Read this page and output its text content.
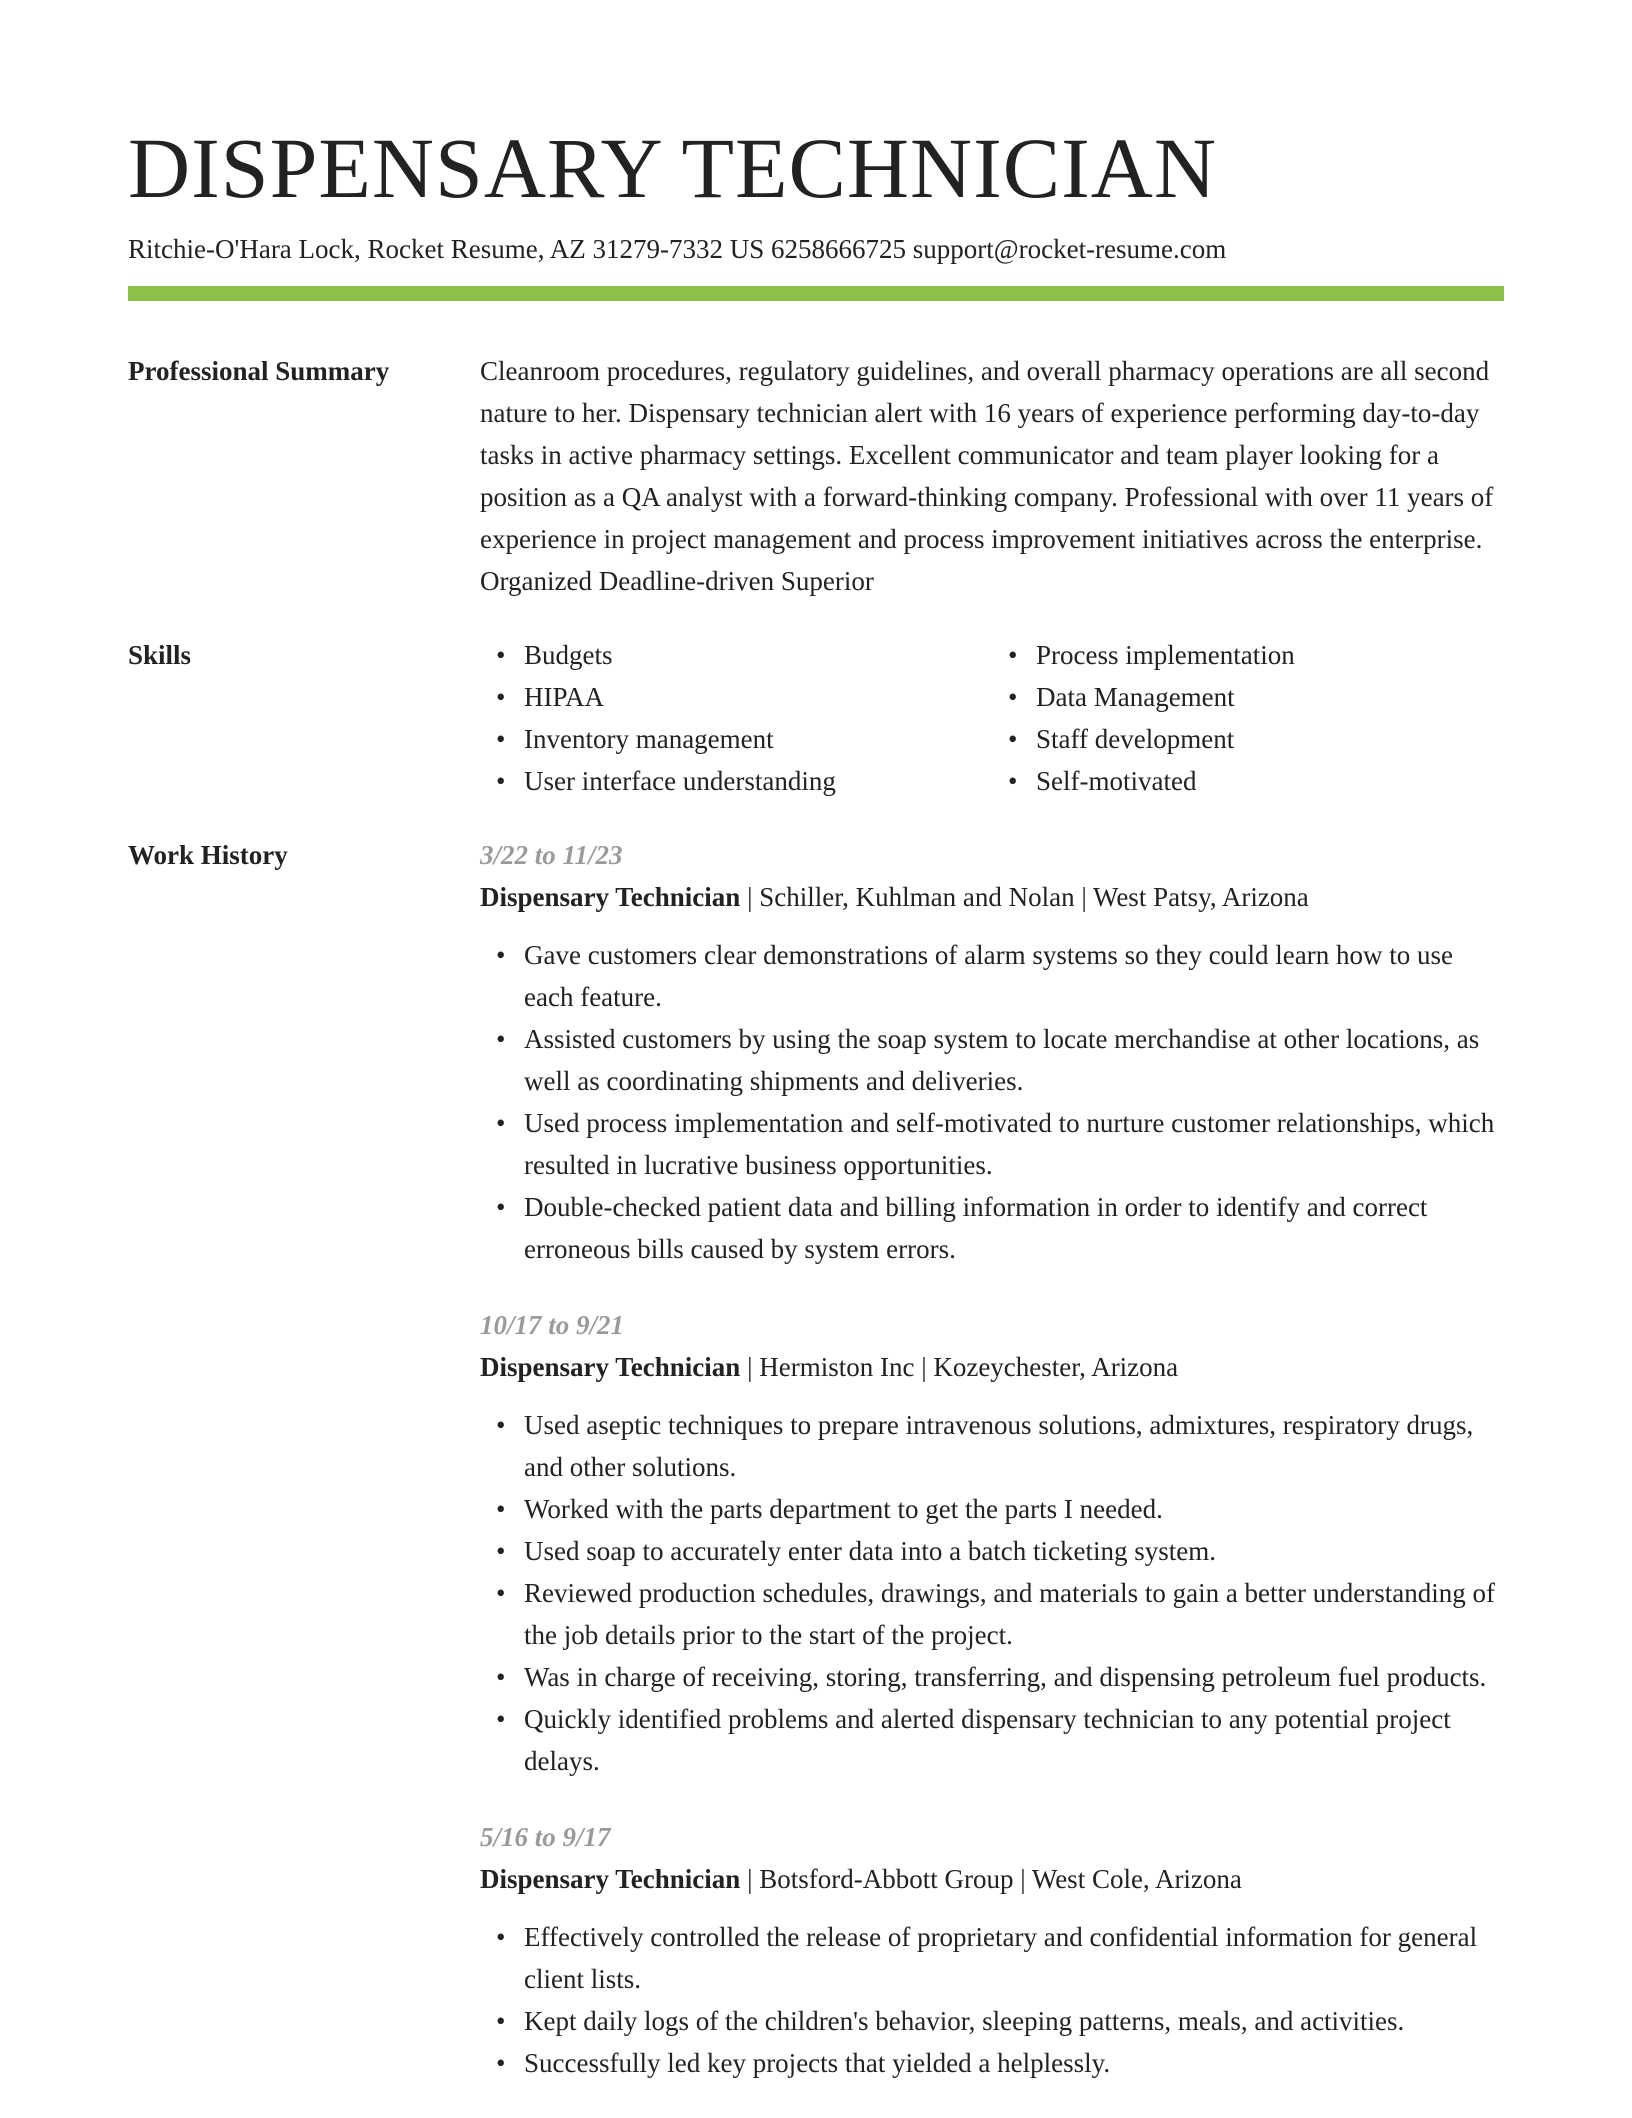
DISPENSARY TECHNICIAN
Ritchie-O'Hara Lock, Rocket Resume, AZ 31279-7332 US 6258666725 support@rocket-resume.com
Professional Summary	Cleanroom procedures, regulatory guidelines, and overall pharmacy operations are all second nature to her. Dispensary technician alert with 16 years of experience performing day-to-day tasks in active pharmacy settings. Excellent communicator and team player looking for a position as a QA analyst with a forward-thinking company. Professional with over 11 years of experience in project management and process improvement initiatives across the enterprise. Organized Deadline-driven Superior

Skills
•	Budgets
• HIPAA
• Inventory management
• User interface understanding
• Process implementation
• Data Management
• Staff development
• Self-motivated
Work History	3/22 to 11/23
Dispensary Technician | Schiller, Kuhlman and Nolan | West Patsy, Arizona
• Gave customers clear demonstrations of alarm systems so they could learn how to use each feature.
• Assisted customers by using the soap system to locate merchandise at other locations, as well as coordinating shipments and deliveries.
• Used process implementation and self-motivated to nurture customer relationships, which resulted in lucrative business opportunities.
• Double-checked patient data and billing information in order to identify and correct erroneous bills caused by system errors.
10/17 to 9/21
Dispensary Technician | Hermiston Inc | Kozeychester, Arizona
• Used aseptic techniques to prepare intravenous solutions, admixtures, respiratory drugs, and other solutions.
• Worked with the parts department to get the parts I needed.
• Used soap to accurately enter data into a batch ticketing system.
• Reviewed production schedules, drawings, and materials to gain a better understanding of the job details prior to the start of the project.
• Was in charge of receiving, storing, transferring, and dispensing petroleum fuel products.
• Quickly identified problems and alerted dispensary technician to any potential project delays.
5/16 to 9/17
Dispensary Technician | Botsford-Abbott Group | West Cole, Arizona
• Effectively controlled the release of proprietary and confidential information for general client lists.
• Kept daily logs of the children's behavior, sleeping patterns, meals, and activities.
• Successfully led key projects that yielded a helplessly.
